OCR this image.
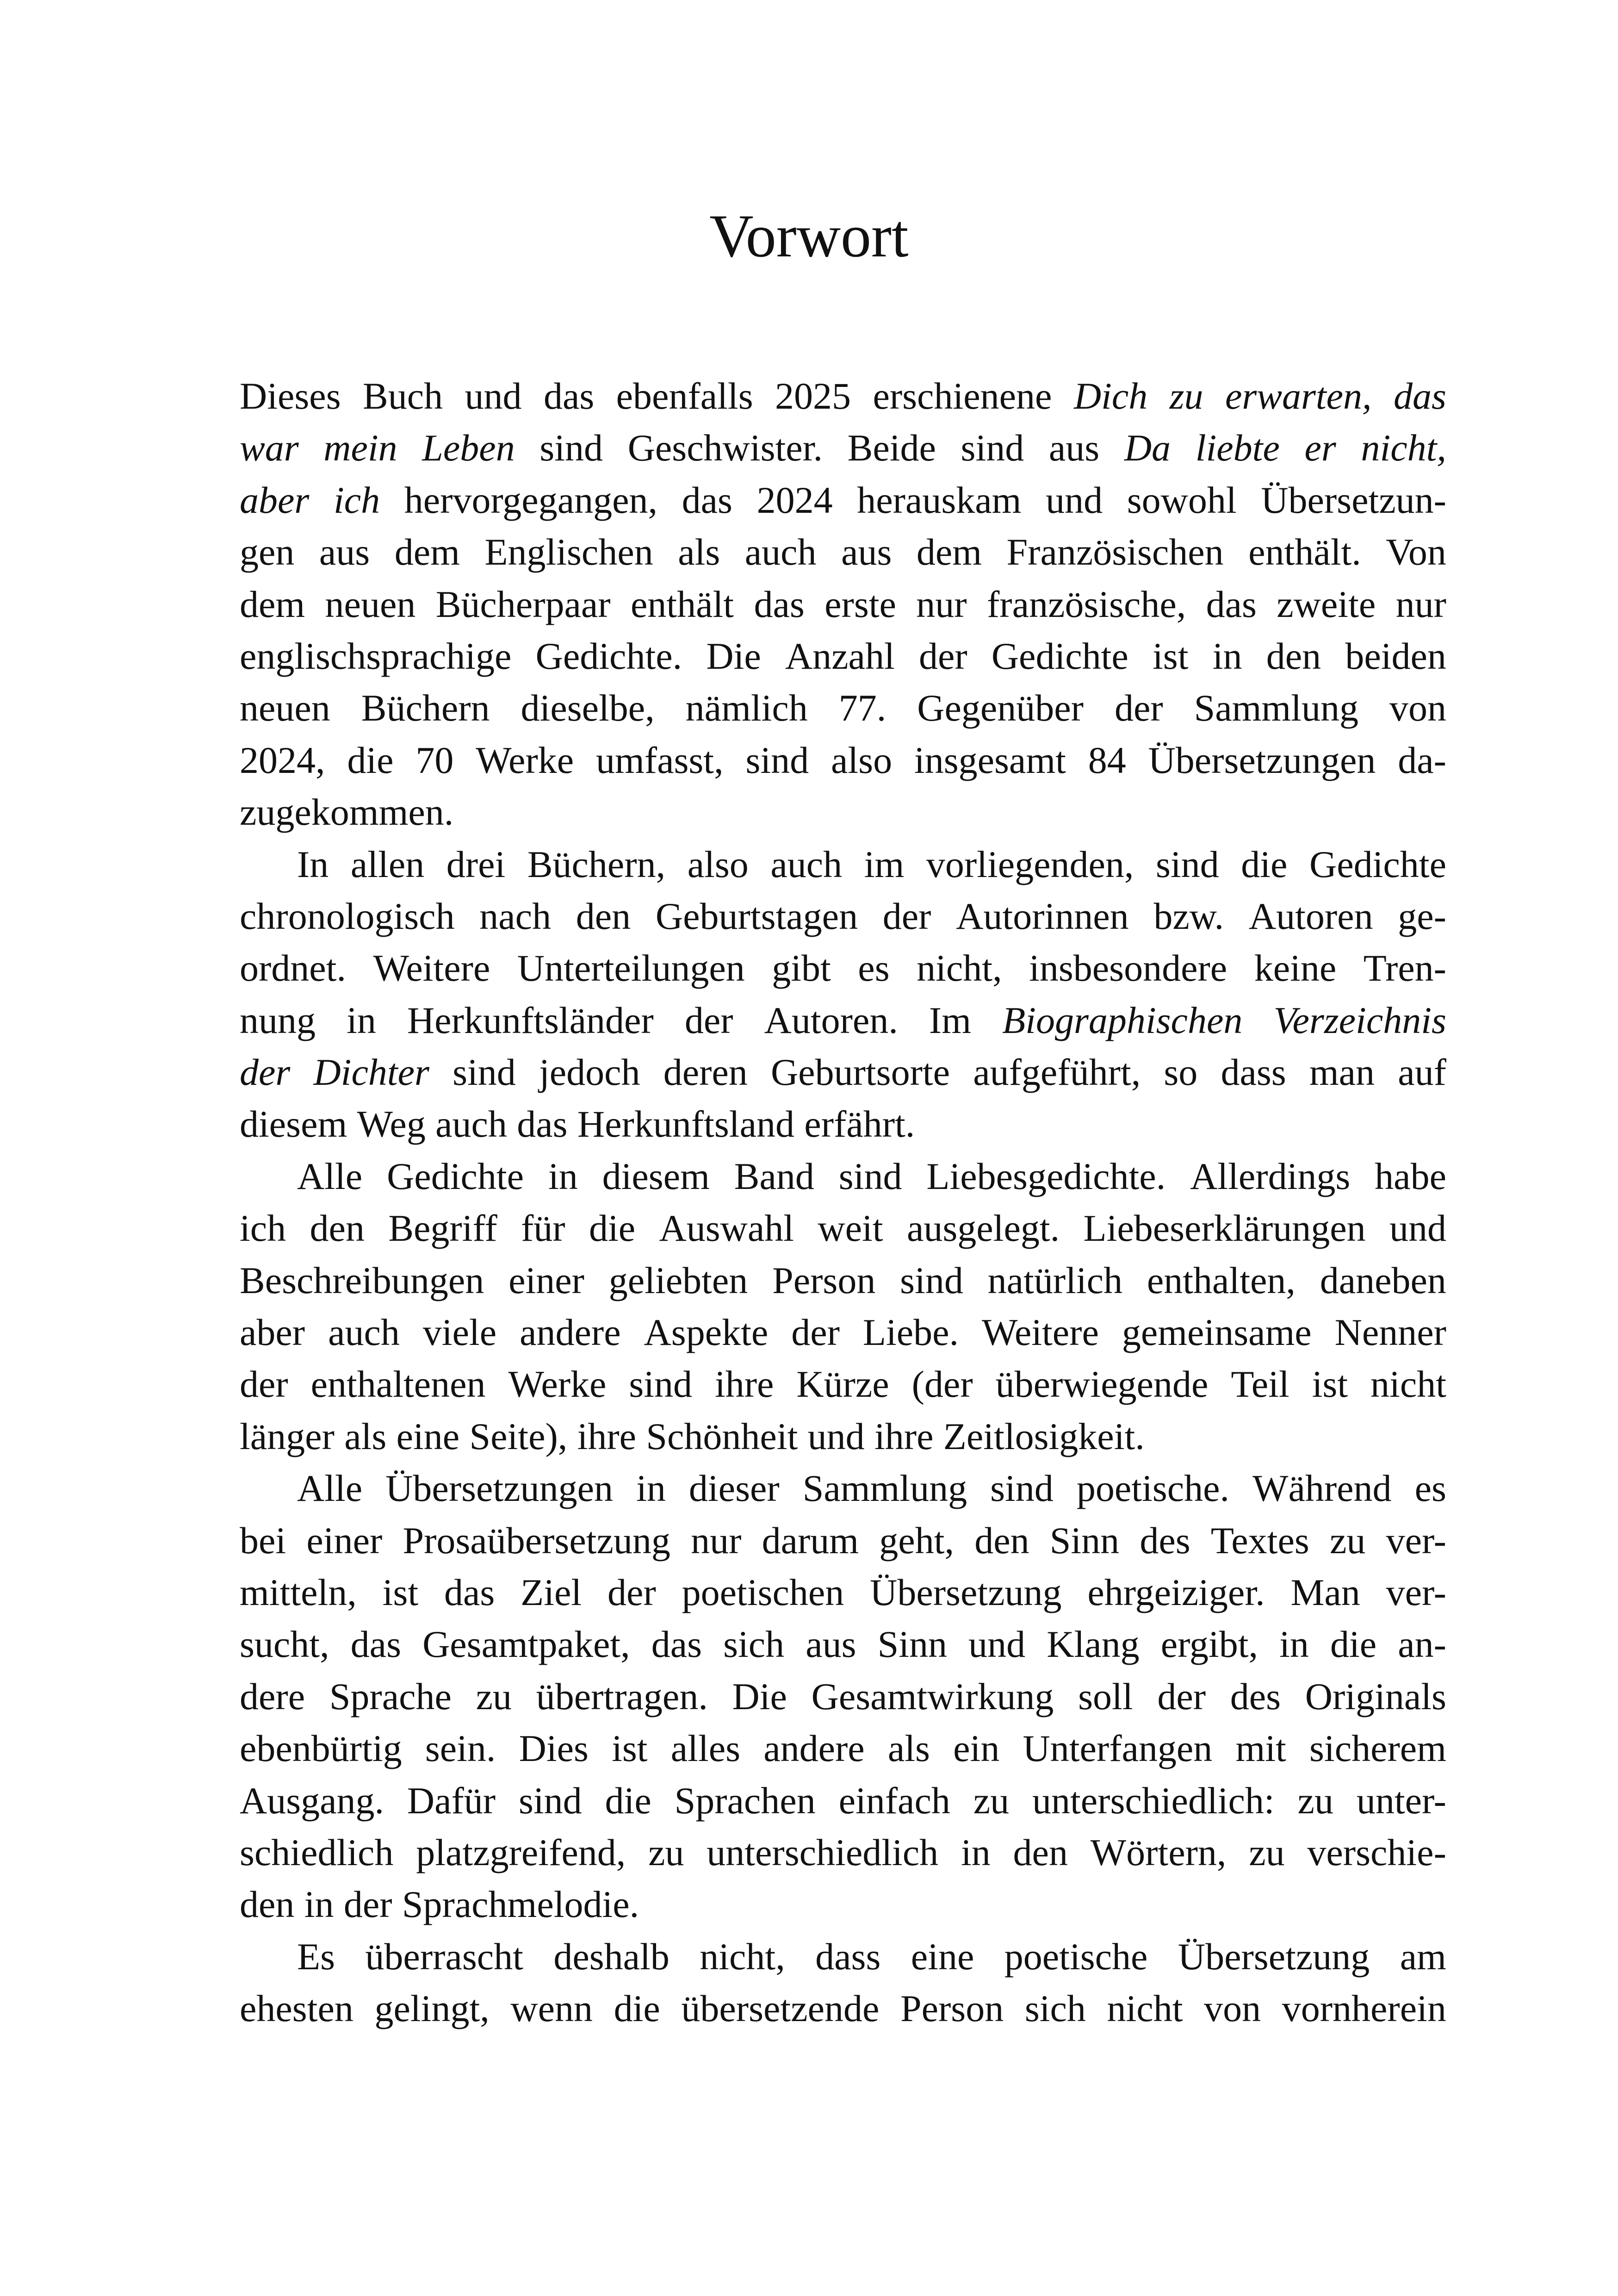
Vorwort
Dieses Buch und das ebenfalls 2025 erschienene Dich zu erwarten, das
war mein Leben sind Geschwister. Beide sind aus Da liebte er nicht,
aber ich hervorgegangen, das 2024 herauskam und sowohl Übersetzun-
gen aus dem Englischen als auch aus dem Französischen enthält. Von
dem neuen Bücherpaar enthält das erste nur französische, das zweite nur
englischsprachige Gedichte. Die Anzahl der Gedichte ist in den beiden
neuen Büchern dieselbe, nämlich 77. Gegenüber der Sammlung von
2024, die 70 Werke umfasst, sind also insgesamt 84 Übersetzungen da-
zugekommen.
In allen drei Büchern, also auch im vorliegenden, sind die Gedichte
chronologisch nach den Geburtstagen der Autorinnen bzw. Autoren ge-
ordnet. Weitere Unterteilungen gibt es nicht, insbesondere keine Tren-
nung in Herkunftsländer der Autoren. Im Biographischen Verzeichnis
der Dichter sind jedoch deren Geburtsorte aufgeführt, so dass man auf
diesem Weg auch das Herkunftsland erfährt.
Alle Gedichte in diesem Band sind Liebesgedichte. Allerdings habe
ich den Begriff für die Auswahl weit ausgelegt. Liebeserklärungen und
Beschreibungen einer geliebten Person sind natürlich enthalten, daneben
aber auch viele andere Aspekte der Liebe. Weitere gemeinsame Nenner
der enthaltenen Werke sind ihre Kürze (der überwiegende Teil ist nicht
länger als eine Seite), ihre Schönheit und ihre Zeitlosigkeit.
Alle Übersetzungen in dieser Sammlung sind poetische. Während es
bei einer Prosaübersetzung nur darum geht, den Sinn des Textes zu ver-
mitteln, ist das Ziel der poetischen Übersetzung ehrgeiziger. Man ver-
sucht, das Gesamtpaket, das sich aus Sinn und Klang ergibt, in die an-
dere Sprache zu übertragen. Die Gesamtwirkung soll der des Originals
ebenbürtig sein. Dies ist alles andere als ein Unterfangen mit sicherem
Ausgang. Dafür sind die Sprachen einfach zu unterschiedlich: zu unter-
schiedlich platzgreifend, zu unterschiedlich in den Wörtern, zu verschie-
den in der Sprachmelodie.
Es überrascht deshalb nicht, dass eine poetische Übersetzung am
ehesten gelingt, wenn die übersetzende Person sich nicht von vornherein
